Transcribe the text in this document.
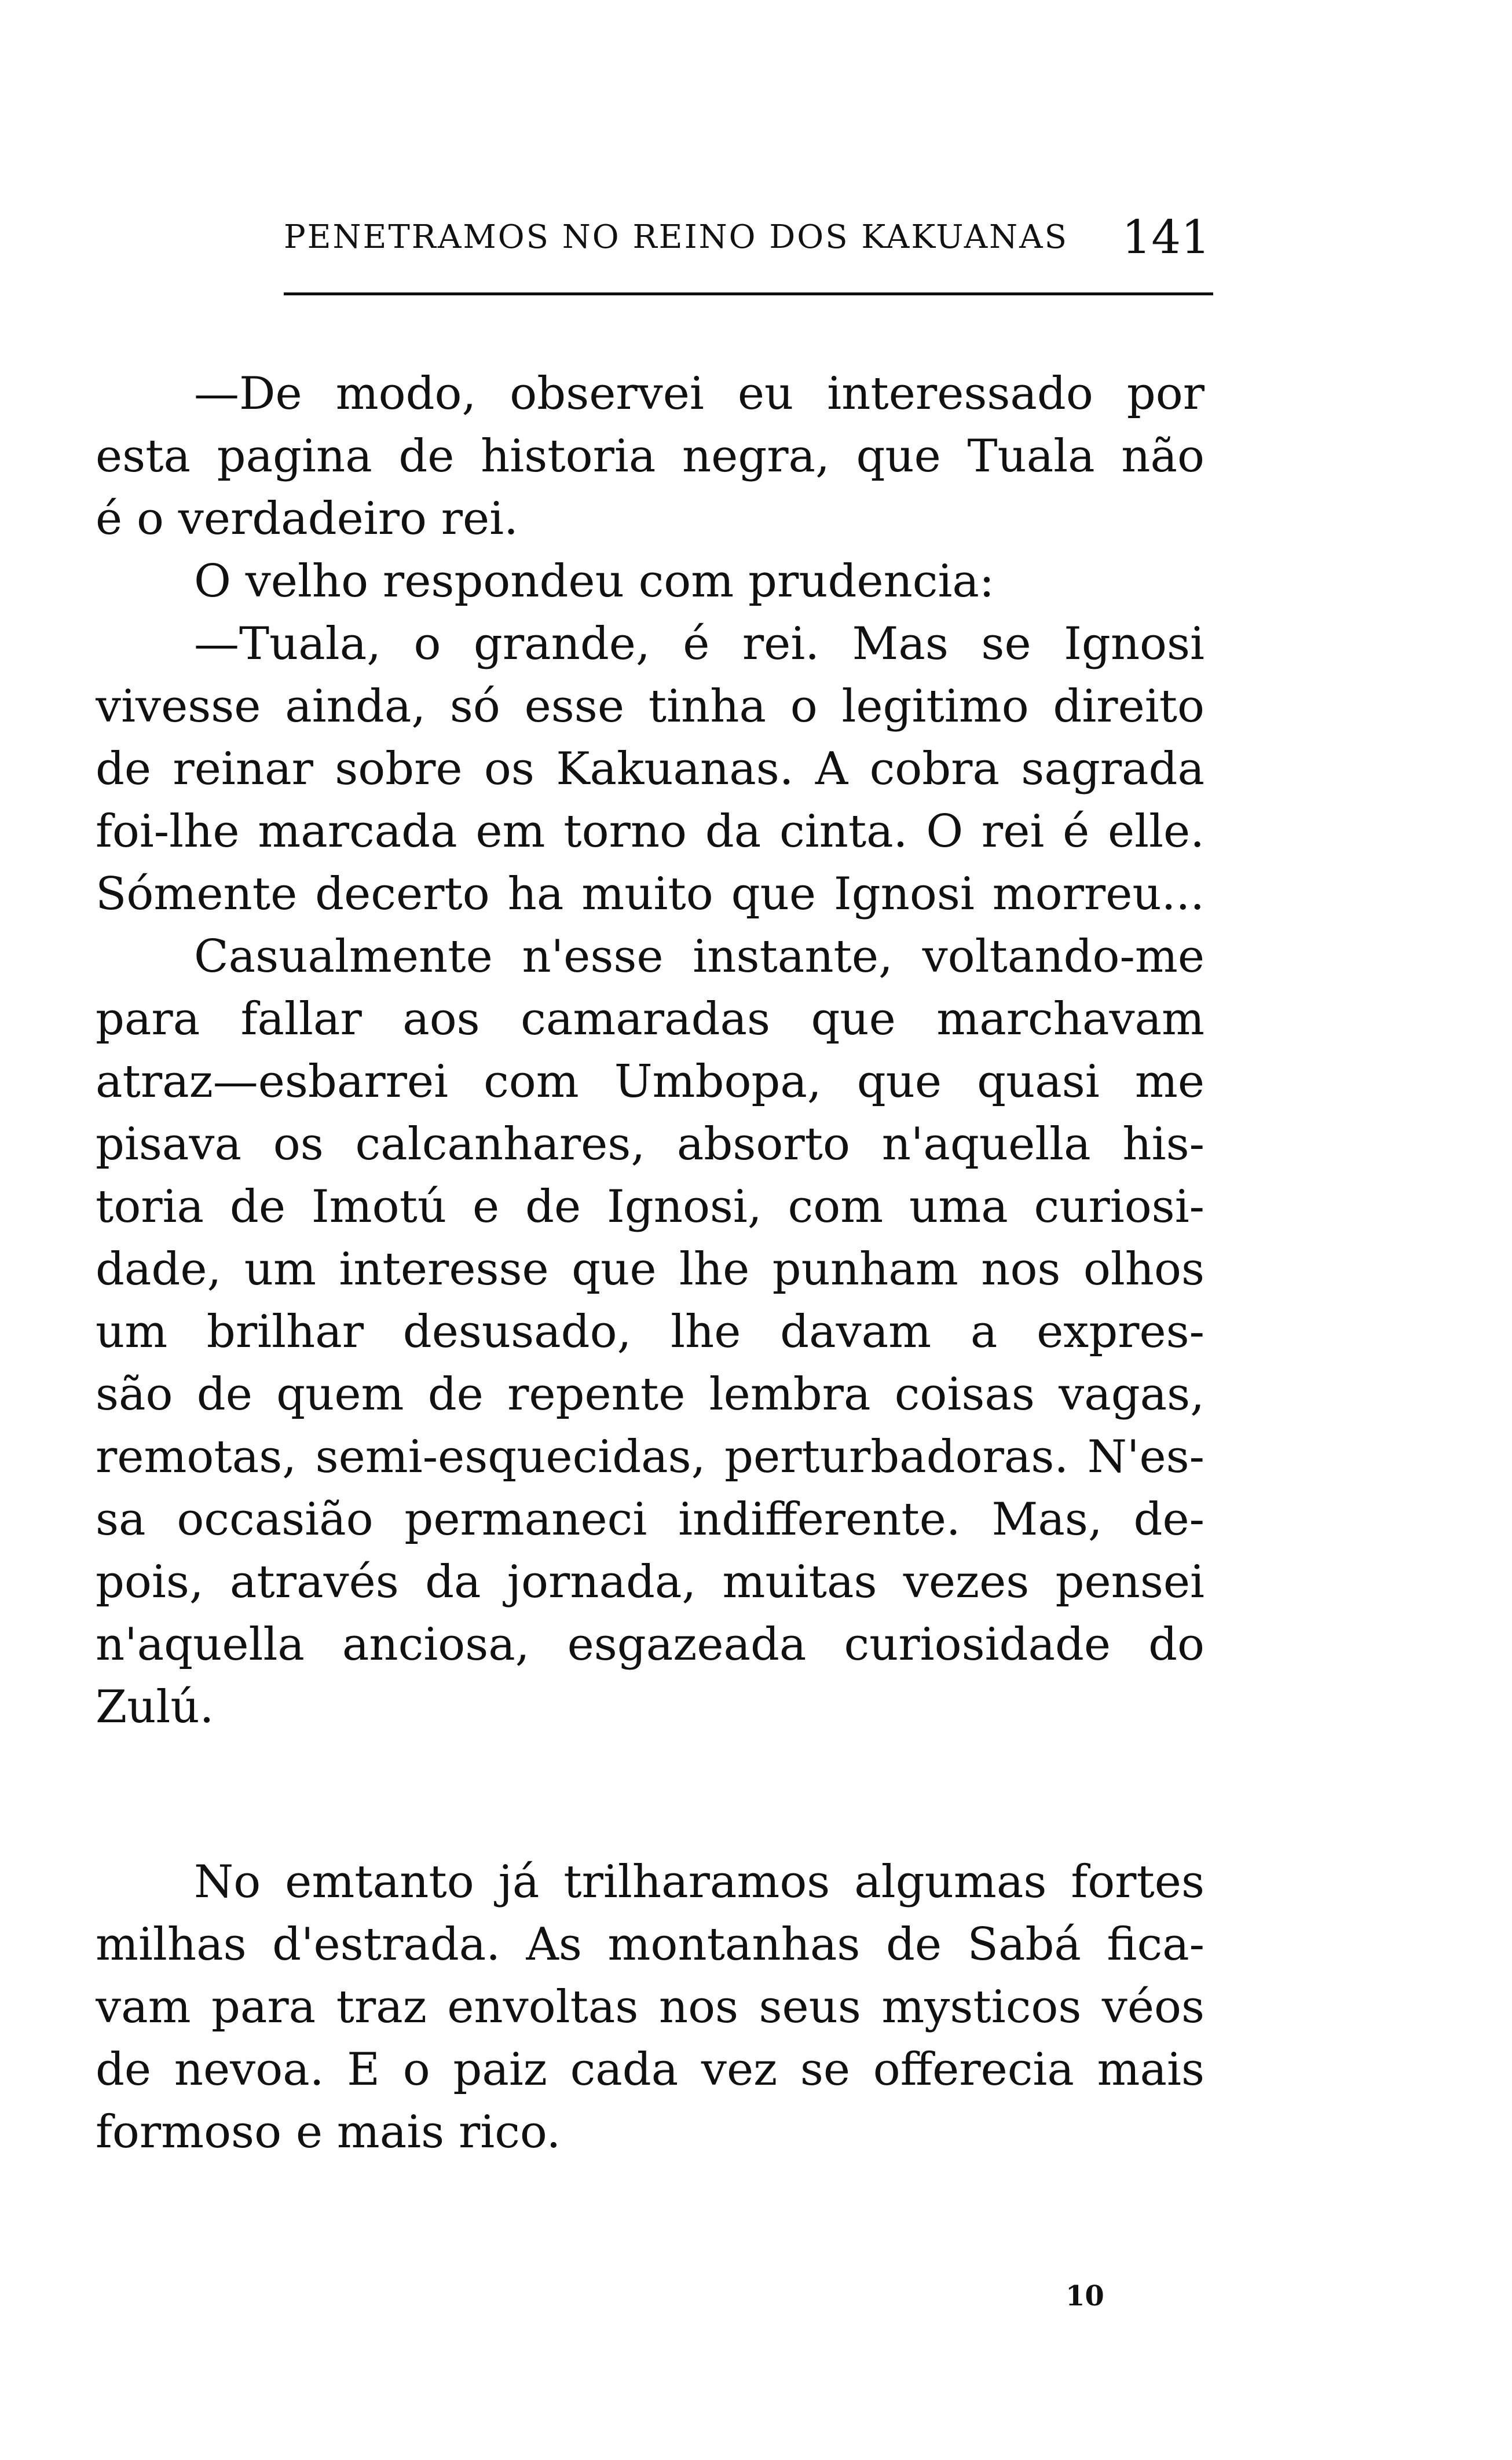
PENETRAMOS NO REINO DOS KAKUANAS 141
—De modo, observei eu interessado por
esta pagina de historia negra, que Tuala não
é o verdadeiro rei.
O velho respondeu com prudencia:
—Tuala, o grande, é rei. Mas se Ignosi
vivesse ainda, só esse tinha o legitimo direito
de reinar sobre os Kakuanas. A cobra sagrada
foi-lhe marcada em torno da cinta. O rei é elle.
Sómente decerto ha muito que Ignosi morreu...
Casualmente n'esse instante, voltando-me
para fallar aos camaradas que marchavam
atraz—esbarrei com Umbopa, que quasi me
pisava os calcanhares, absorto n'aquella his-
toria de Imotú e de Ignosi, com uma curiosi-
dade, um interesse que lhe punham nos olhos
um brilhar desusado, lhe davam a expres-
são de quem de repente lembra coisas vagas,
remotas, semi-esquecidas, perturbadoras. N'es-
sa occasião permaneci indifferente. Mas, de-
pois, através da jornada, muitas vezes pensei
n'aquella anciosa, esgazeada curiosidade do
Zulú.
No emtanto já trilharamos algumas fortes
milhas d'estrada. As montanhas de Sabá fica-
vam para traz envoltas nos seus mysticos véos
de nevoa. E o paiz cada vez se offerecia mais
formoso e mais rico.
10
